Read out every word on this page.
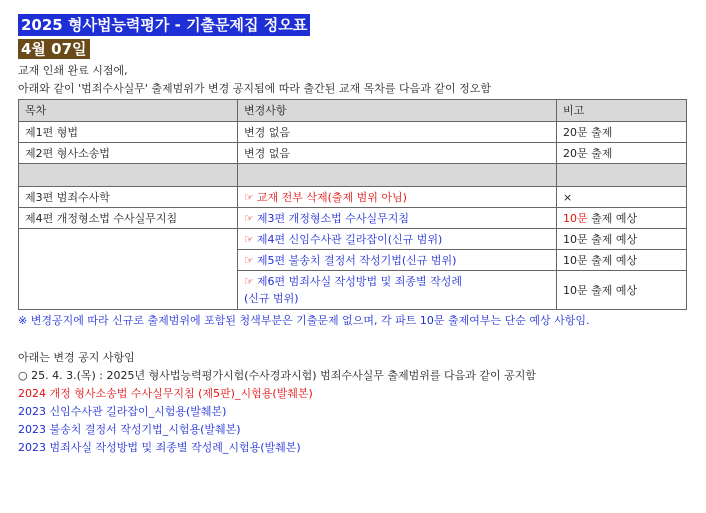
2025 형사법능력평가 - 기출문제집 정오표
4월 07일
교재 인쇄 완료 시점에,
아래와 같이 '범죄수사실무' 출제범위가 변경 공지됨에 따라 출간된 교재 목차를 다음과 같이 정오함
목차	변경사항	비고
제1편 형법	변경 없음	20문 출제
제2편 형사소송법	변경 없음	20문 출제

제3편 범죄수사학	☞ 교재 전부 삭제(출제 범위 아님)	×
제4편 개정형소법 수사실무지침	☞ 제3편 개정형소법 수사실무지침	10문 출제 예상
	☞ 제4편 신임수사관 길라잡이(신규 범위)	10문 출제 예상
	☞ 제5편 불송치 결정서 작성기법(신규 범위)	10문 출제 예상
	☞ 제6편 범죄사실 작성방법 및 죄종별 작성례
(신규 범위)	10문 출제 예상
※ 변경공지에 따라 신규로 출제범위에 포함된 청색부분은 기출문제 없으며, 각 파트 10문 출제여부는 단순 예상 사항임.
아래는 변경 공지 사항임
○ 25. 4. 3.(목) : 2025년 형사법능력평가시험(수사경과시험) 범죄수사실무 출제범위를 다음과 같이 공지함
2024 개정 형사소송법 수사실무지침 (제5판)_시험용(발췌본)
2023 신임수사관 길라잡이_시험용(발췌본)
2023 불송치 결정서 작성기법_시험용(발췌본)
2023 범죄사실 작성방법 및 죄종별 작성례_시험용(발췌본)
